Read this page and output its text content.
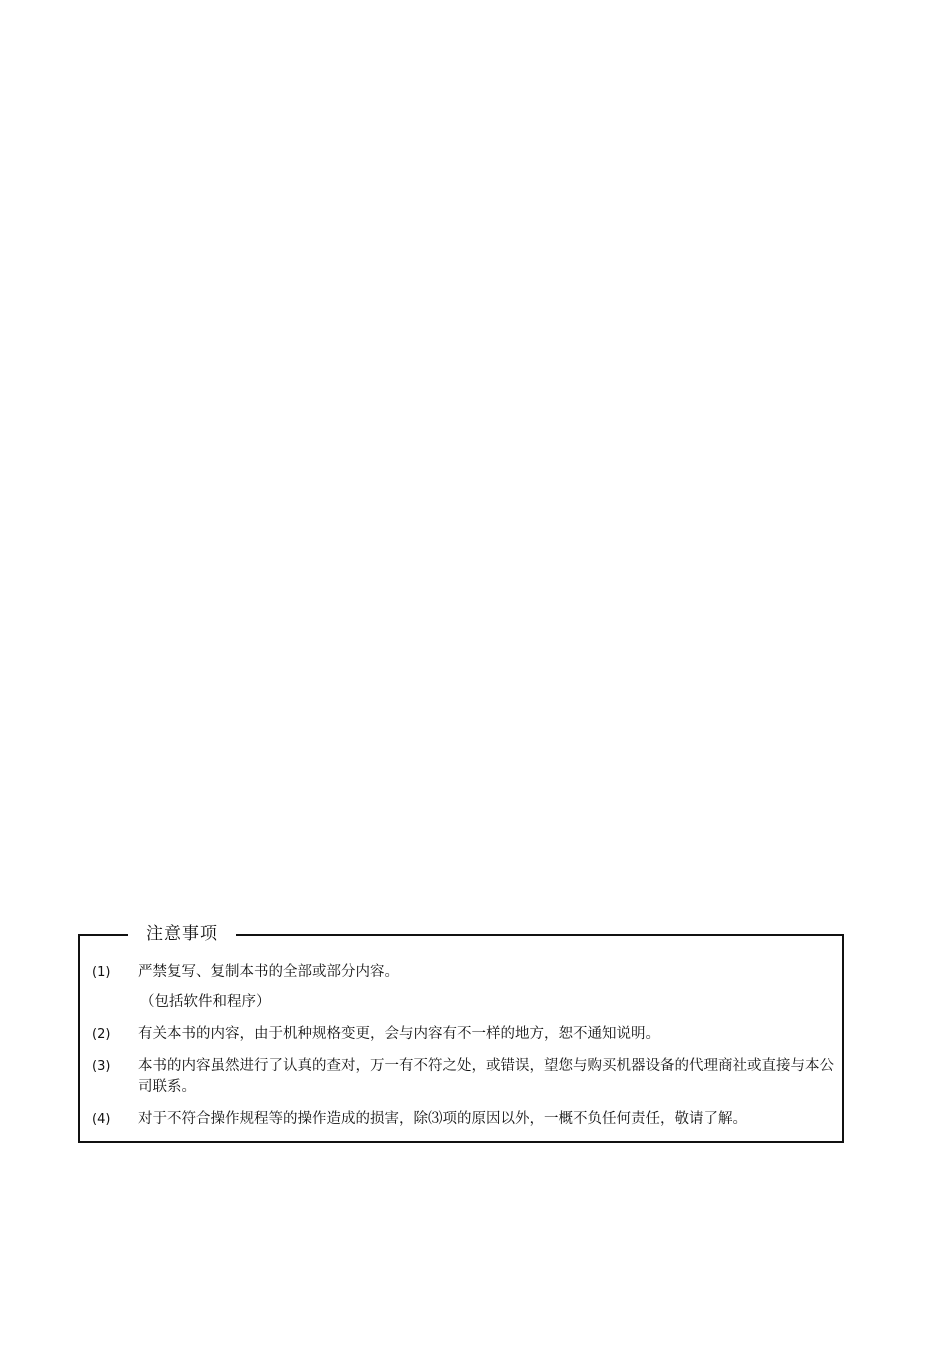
注意事项
(1) 严禁复写、复制本书的全部或部分内容。
（包括软件和程序）
(2) 有关本书的内容，由于机种规格变更，会与内容有不一样的地方，恕不通知说明。
(3) 本书的内容虽然进行了认真的查对，万一有不符之处，或错误，望您与购买机器设备的代理商社或直接与本公司联系。
(4) 对于不符合操作规程等的操作造成的损害，除⑶项的原因以外，一概不负任何责任，敬请了解。
